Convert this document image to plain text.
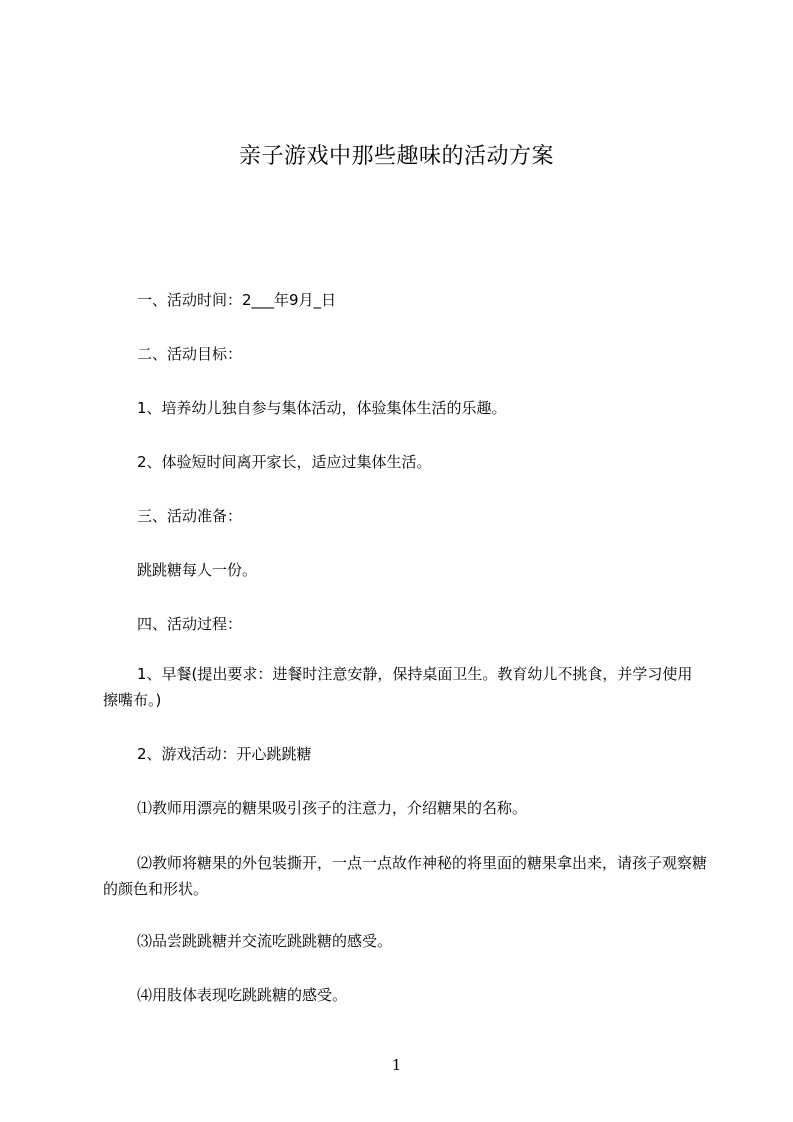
亲子游戏中那些趣味的活动方案
一、活动时间：2___年9月_日
二、活动目标：
1、培养幼儿独自参与集体活动，体验集体生活的乐趣。
2、体验短时间离开家长，适应过集体生活。
三、活动准备：
跳跳糖每人一份。
四、活动过程：
1、早餐(提出要求：进餐时注意安静，保持桌面卫生。教育幼儿不挑食，并学习使用擦嘴布。)
2、游戏活动：开心跳跳糖
⑴教师用漂亮的糖果吸引孩子的注意力，介绍糖果的名称。
⑵教师将糖果的外包装撕开，一点一点故作神秘的将里面的糖果拿出来，请孩子观察糖的颜色和形状。
⑶品尝跳跳糖并交流吃跳跳糖的感受。
⑷用肢体表现吃跳跳糖的感受。
1
